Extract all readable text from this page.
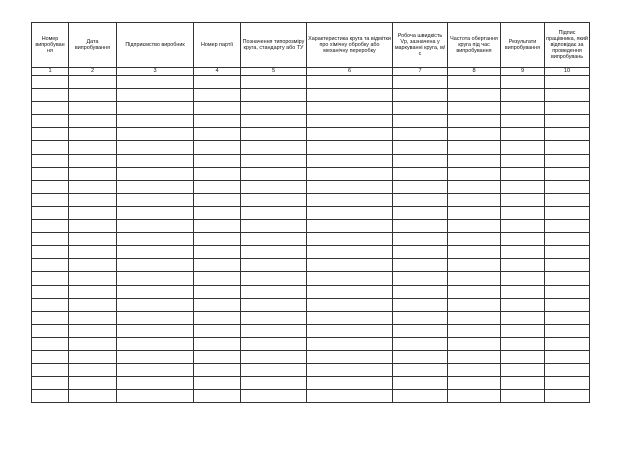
Номер випробуван ня	Дата випробування	Підприємство виробник	Номер партії	Позначення типорозміру круга, стандарту або ТУ	Характеристика круга та відмітки про хімічну обробку або механічну переробку	Робоча швидкість Vр, зазначена у маркуванні круга, м/с	Частота обертання круга під час випробування	Результати випробування	Підпис працівника, який відповідає за проведення випробувань

1	2	3	4	5	6	7	8	9	10
